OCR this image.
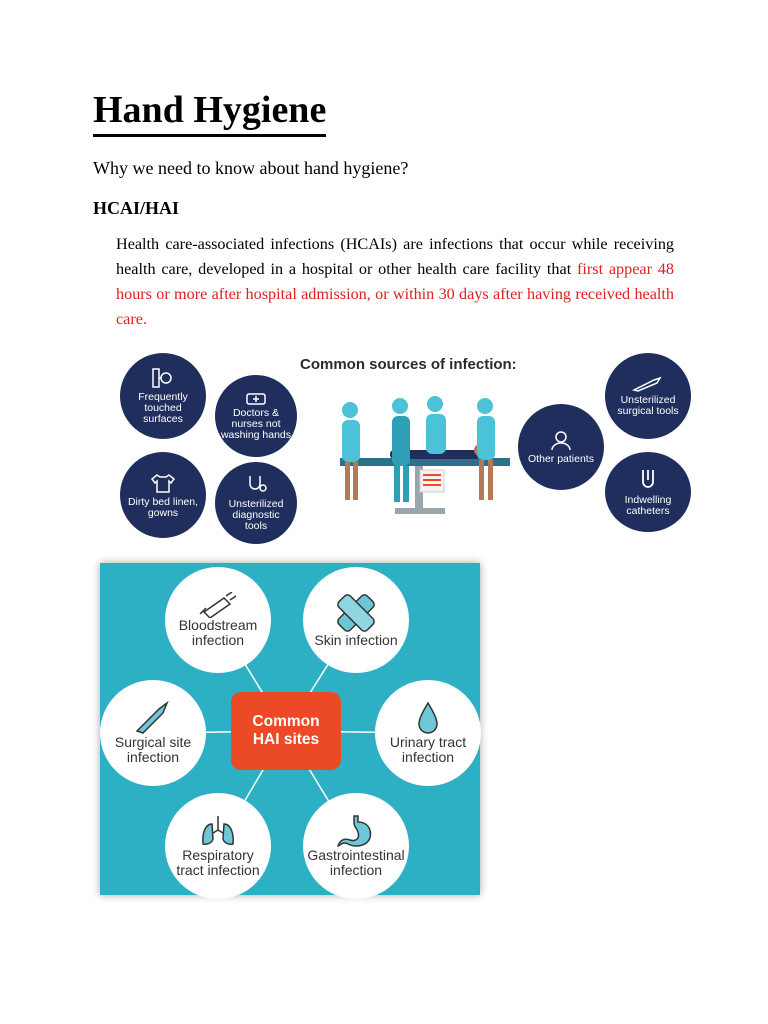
Hand Hygiene
Why we need to know about hand hygiene?
HCAI/HAI

Health care-associated infections (HCAIs) are infections that occur while receiving health care, developed in a hospital or other health care facility that first appear 48 hours or more after hospital admission, or within 30 days after having received health care.

Common sources of infection:
Frequently touched surfaces	Doctors & nurses not washing hands
Dirty bed linen, gowns
Unsterilized diagnostic tools
Other patients
Unsterilized surgical tools
Indwelling catheters
Bloodstream infection	Skin infection
Surgical site infection
Urinary tract infection
Respiratory tract infection
Gastrointestinal infection
Common HAI sites
